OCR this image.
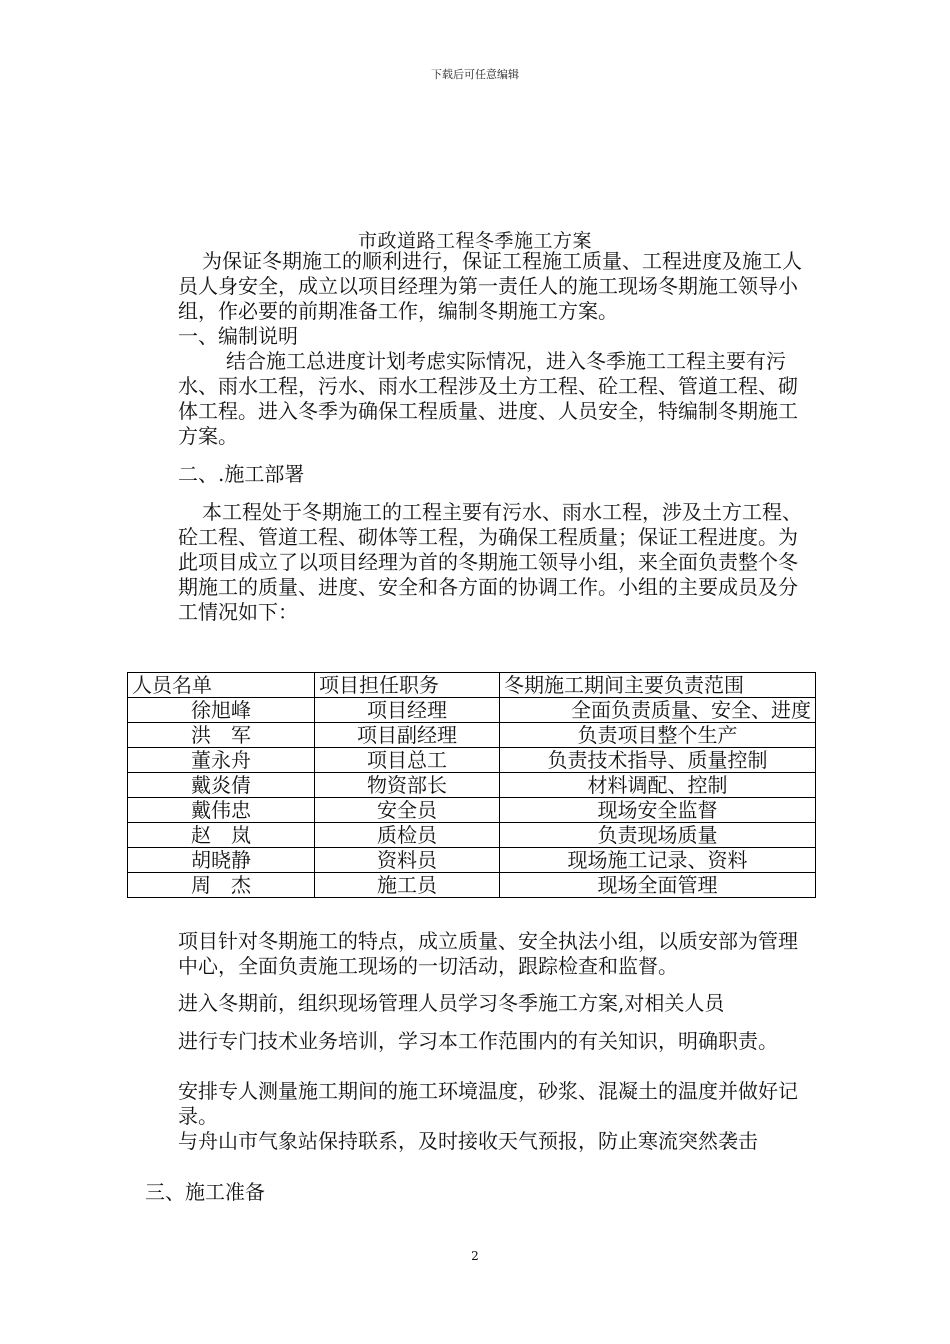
下载后可任意编辑
市政道路工程冬季施工方案

为保证冬期施工的顺利进行，保证工程施工质量、工程进度及施工人员人身安全，成立以项目经理为第一责任人的施工现场冬期施工领导小组，作必要的前期准备工作，编制冬期施工方案。

一、编制说明

结合施工总进度计划考虑实际情况，进入冬季施工工程主要有污水、雨水工程，污水、雨水工程涉及土方工程、砼工程、管道工程、砌体工程。进入冬季为确保工程质量、进度、人员安全，特编制冬期施工方案。

二、.施工部署

本工程处于冬期施工的工程主要有污水、雨水工程，涉及土方工程、砼工程、管道工程、砌体等工程，为确保工程质量；保证工程进度。为此项目成立了以项目经理为首的冬期施工领导小组，来全面负责整个冬期施工的质量、进度、安全和各方面的协调工作。小组的主要成员及分工情况如下：

人员名单	项目担任职务	冬期施工期间主要负责范围
徐旭峰	项目经理	全面负责质量、安全、进度
洪　军	项目副经理	负责项目整个生产
董永舟	项目总工	负责技术指导、质量控制
戴炎倩	物资部长	材料调配、控制
戴伟忠	安全员	现场安全监督
赵　岚	质检员	负责现场质量
胡晓静	资料员	现场施工记录、资料
周　杰	施工员	现场全面管理

项目针对冬期施工的特点，成立质量、安全执法小组，以质安部为管理中心，全面负责施工现场的一切活动，跟踪检查和监督。

进入冬期前，组织现场管理人员学习冬季施工方案,对相关人员

进行专门技术业务培训，学习本工作范围内的有关知识，明确职责。

安排专人测量施工期间的施工环境温度，砂浆、混凝土的温度并做好记录。

与舟山市气象站保持联系，及时接收天气预报，防止寒流突然袭击

三、施工准备

2
